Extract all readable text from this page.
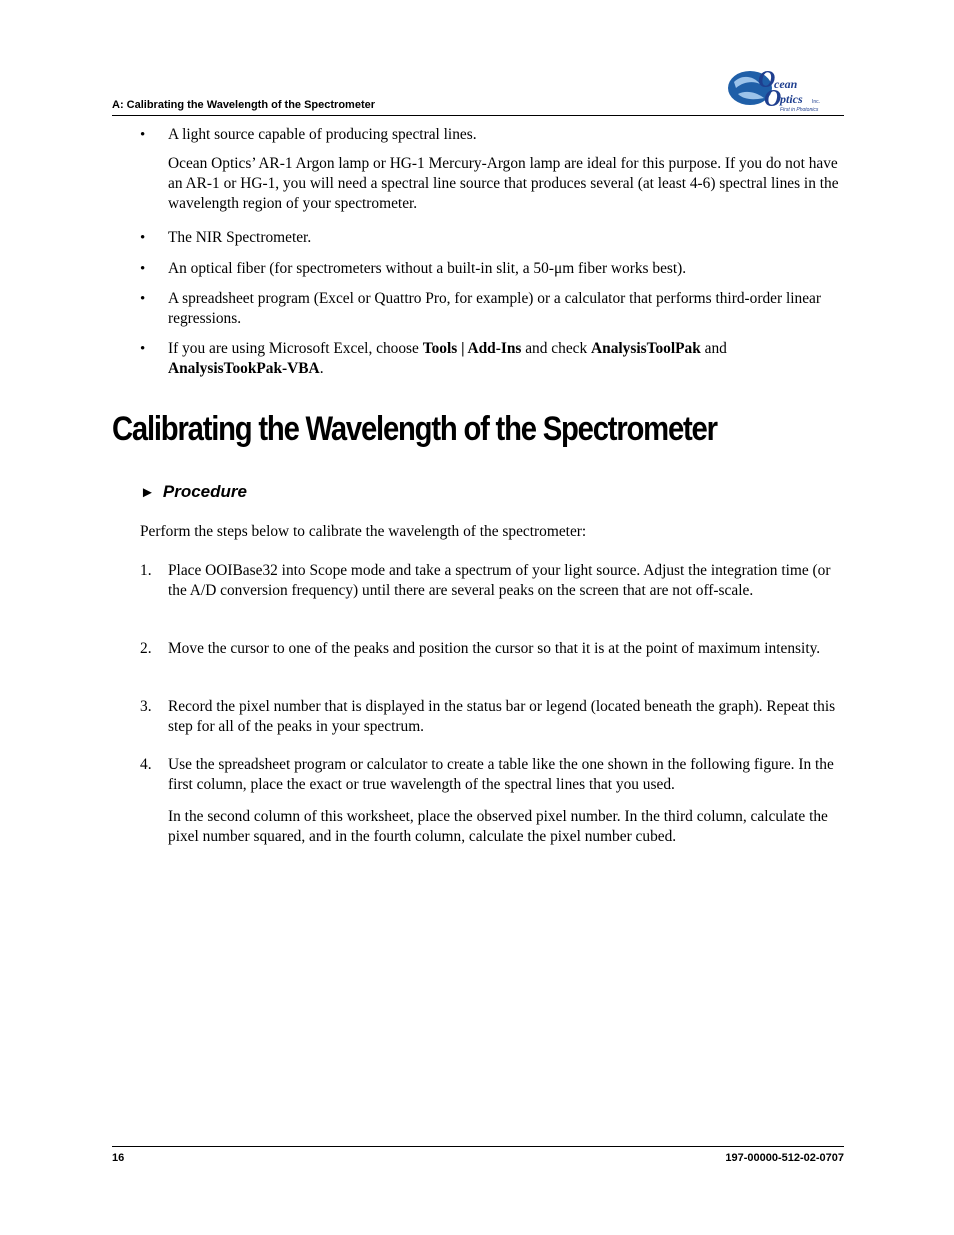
A: Calibrating the Wavelength of the Spectrometer
O
cean
O
ptics Inc.
First in Photonics
• A light source capable of producing spectral lines.
Ocean Optics’ AR-1 Argon lamp or HG-1 Mercury-Argon lamp are ideal for this purpose. If you do not have an AR-1 or HG-1, you will need a spectral line source that produces several (at least 4-6) spectral lines in the wavelength region of your spectrometer.
• The NIR Spectrometer.
• An optical fiber (for spectrometers without a built-in slit, a 50-μm fiber works best).
• A spreadsheet program (Excel or Quattro Pro, for example) or a calculator that performs third-order linear regressions.
• If you are using Microsoft Excel, choose Tools | Add-Ins and check AnalysisToolPak and AnalysisTookPak-VBA.
Calibrating the Wavelength of the Spectrometer
► Procedure
Perform the steps below to calibrate the wavelength of the spectrometer:
1. Place OOIBase32 into Scope mode and take a spectrum of your light source. Adjust the integration time (or the A/D conversion frequency) until there are several peaks on the screen that are not off-scale.
2. Move the cursor to one of the peaks and position the cursor so that it is at the point of maximum intensity.
3. Record the pixel number that is displayed in the status bar or legend (located beneath the graph). Repeat this step for all of the peaks in your spectrum.
4. Use the spreadsheet program or calculator to create a table like the one shown in the following figure. In the first column, place the exact or true wavelength of the spectral lines that you used.
In the second column of this worksheet, place the observed pixel number. In the third column, calculate the pixel number squared, and in the fourth column, calculate the pixel number cubed.
16	197-00000-512-02-0707
